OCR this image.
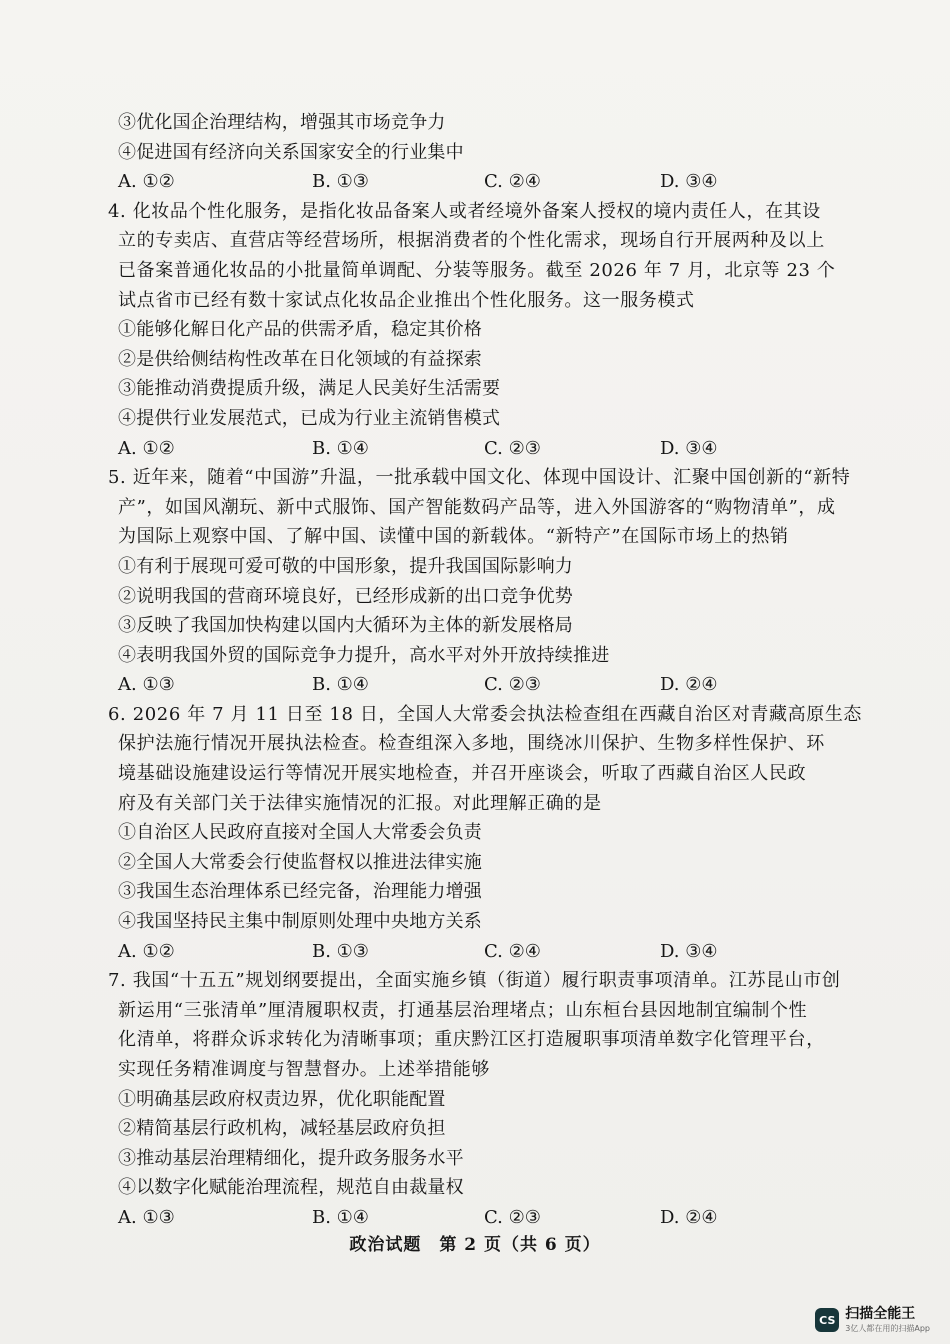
③优化国企治理结构，增强其市场竞争力
④促进国有经济向关系国家安全的行业集中
A. ①②	B. ①③	C. ②④	D. ③④
4. 化妆品个性化服务，是指化妆品备案人或者经境外备案人授权的境内责任人，在其设
立的专卖店、直营店等经营场所，根据消费者的个性化需求，现场自行开展两种及以上
已备案普通化妆品的小批量简单调配、分装等服务。截至 2026 年 7 月，北京等 23 个
试点省市已经有数十家试点化妆品企业推出个性化服务。这一服务模式
①能够化解日化产品的供需矛盾，稳定其价格
②是供给侧结构性改革在日化领域的有益探索
③能推动消费提质升级，满足人民美好生活需要
④提供行业发展范式，已成为行业主流销售模式
A. ①②	B. ①④	C. ②③	D. ③④
5. 近年来，随着“中国游”升温，一批承载中国文化、体现中国设计、汇聚中国创新的“新特
产”，如国风潮玩、新中式服饰、国产智能数码产品等，进入外国游客的“购物清单”，成
为国际上观察中国、了解中国、读懂中国的新载体。“新特产”在国际市场上的热销
①有利于展现可爱可敬的中国形象，提升我国国际影响力
②说明我国的营商环境良好，已经形成新的出口竞争优势
③反映了我国加快构建以国内大循环为主体的新发展格局
④表明我国外贸的国际竞争力提升，高水平对外开放持续推进
A. ①③	B. ①④	C. ②③	D. ②④
6. 2026 年 7 月 11 日至 18 日，全国人大常委会执法检查组在西藏自治区对青藏高原生态
保护法施行情况开展执法检查。检查组深入多地，围绕冰川保护、生物多样性保护、环
境基础设施建设运行等情况开展实地检查，并召开座谈会，听取了西藏自治区人民政
府及有关部门关于法律实施情况的汇报。对此理解正确的是
①自治区人民政府直接对全国人大常委会负责
②全国人大常委会行使监督权以推进法律实施
③我国生态治理体系已经完备，治理能力增强
④我国坚持民主集中制原则处理中央地方关系
A. ①②	B. ①③	C. ②④	D. ③④
7. 我国“十五五”规划纲要提出，全面实施乡镇（街道）履行职责事项清单。江苏昆山市创
新运用“三张清单”厘清履职权责，打通基层治理堵点；山东桓台县因地制宜编制个性
化清单，将群众诉求转化为清晰事项；重庆黔江区打造履职事项清单数字化管理平台，
实现任务精准调度与智慧督办。上述举措能够
①明确基层政府权责边界，优化职能配置
②精简基层行政机构，减轻基层政府负担
③推动基层治理精细化，提升政务服务水平
④以数字化赋能治理流程，规范自由裁量权
A. ①③	B. ①④	C. ②③	D. ②④
政治试题　第 2 页（共 6 页）
CS 扫描全能王
3亿人都在用的扫描App
